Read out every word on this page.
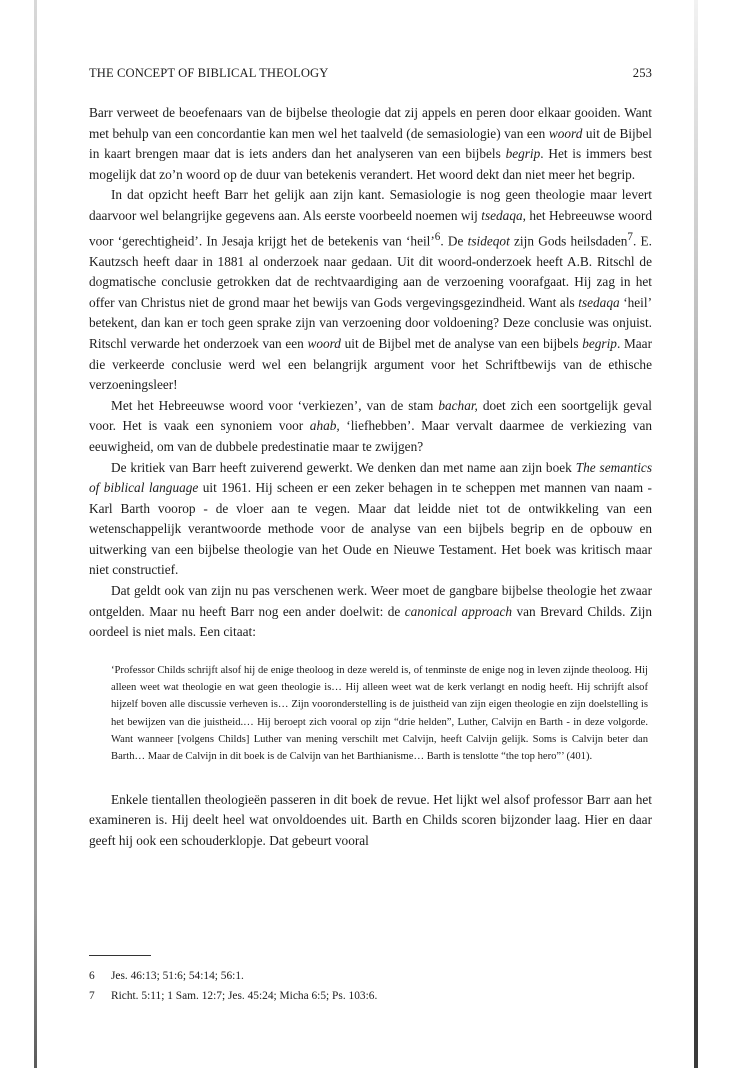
THE CONCEPT OF BIBLICAL THEOLOGY	253

Barr verweet de beoefenaars van de bijbelse theologie dat zij appels en peren door elkaar gooiden. Want met behulp van een concordantie kan men wel het taalveld (de semasiologie) van een woord uit de Bijbel in kaart brengen maar dat is iets anders dan het analyseren van een bijbels begrip. Het is immers best mogelijk dat zo’n woord op de duur van betekenis verandert. Het woord dekt dan niet meer het begrip.

In dat opzicht heeft Barr het gelijk aan zijn kant. Semasiologie is nog geen theologie maar levert daarvoor wel belangrijke gegevens aan. Als eerste voorbeeld noemen wij tsedaqa, het Hebreeuwse woord voor ‘gerechtigheid’. In Jesaja krijgt het de betekenis van ‘heil’$^6$. De tsideqot zijn Gods heilsdaden$^7$. E. Kautzsch heeft daar in 1881 al onderzoek naar gedaan. Uit dit woord-onderzoek heeft A.B. Ritschl de dogmatische conclusie getrokken dat de rechtvaardiging aan de verzoening voorafgaat. Hij zag in het offer van Christus niet de grond maar het bewijs van Gods vergevingsgezindheid. Want als tsedaqa ‘heil’ betekent, dan kan er toch geen sprake zijn van verzoening door voldoening? Deze conclusie was onjuist. Ritschl verwarde het onderzoek van een woord uit de Bijbel met de analyse van een bijbels begrip. Maar die verkeerde conclusie werd wel een belangrijk argument voor het Schriftbewijs van de ethische verzoeningsleer!

Met het Hebreeuwse woord voor ‘verkiezen’, van de stam bachar, doet zich een soortgelijk geval voor. Het is vaak een synoniem voor ahab, ‘liefhebben’. Maar vervalt daarmee de verkiezing van eeuwigheid, om van de dubbele predestinatie maar te zwijgen?

De kritiek van Barr heeft zuiverend gewerkt. We denken dan met name aan zijn boek The semantics of biblical language uit 1961. Hij scheen er een zeker behagen in te scheppen met mannen van naam - Karl Barth voorop - de vloer aan te vegen. Maar dat leidde niet tot de ontwikkeling van een wetenschappelijk verantwoorde methode voor de analyse van een bijbels begrip en de opbouw en uitwerking van een bijbelse theologie van het Oude en Nieuwe Testament. Het boek was kritisch maar niet constructief.

Dat geldt ook van zijn nu pas verschenen werk. Weer moet de gangbare bijbelse theologie het zwaar ontgelden. Maar nu heeft Barr nog een ander doelwit: de canonical approach van Brevard Childs. Zijn oordeel is niet mals. Een citaat:

‘Professor Childs schrijft alsof hij de enige theoloog in deze wereld is, of tenminste de enige nog in leven zijnde theoloog. Hij alleen weet wat theologie en wat geen theologie is… Hij alleen weet wat de kerk verlangt en nodig heeft. Hij schrijft alsof hijzelf boven alle discussie verheven is… Zijn vooronderstelling is de juistheid van zijn eigen theologie en zijn doelstelling is het bewijzen van die juistheid.… Hij beroept zich vooral op zijn “drie helden”, Luther, Calvijn en Barth - in deze volgorde. Want wanneer [volgens Childs] Luther van mening verschilt met Calvijn, heeft Calvijn gelijk. Soms is Calvijn beter dan Barth… Maar de Calvijn in dit boek is de Calvijn van het Barthianisme… Barth is tenslotte “the top hero”’ (401).

Enkele tientallen theologieën passeren in dit boek de revue. Het lijkt wel alsof professor Barr aan het examineren is. Hij deelt heel wat onvoldoendes uit. Barth en Childs scoren bijzonder laag. Hier en daar geeft hij ook een schouderklopje. Dat gebeurt vooral

6	Jes. 46:13; 51:6; 54:14; 56:1.
7	Richt. 5:11; 1 Sam. 12:7; Jes. 45:24; Micha 6:5; Ps. 103:6.
